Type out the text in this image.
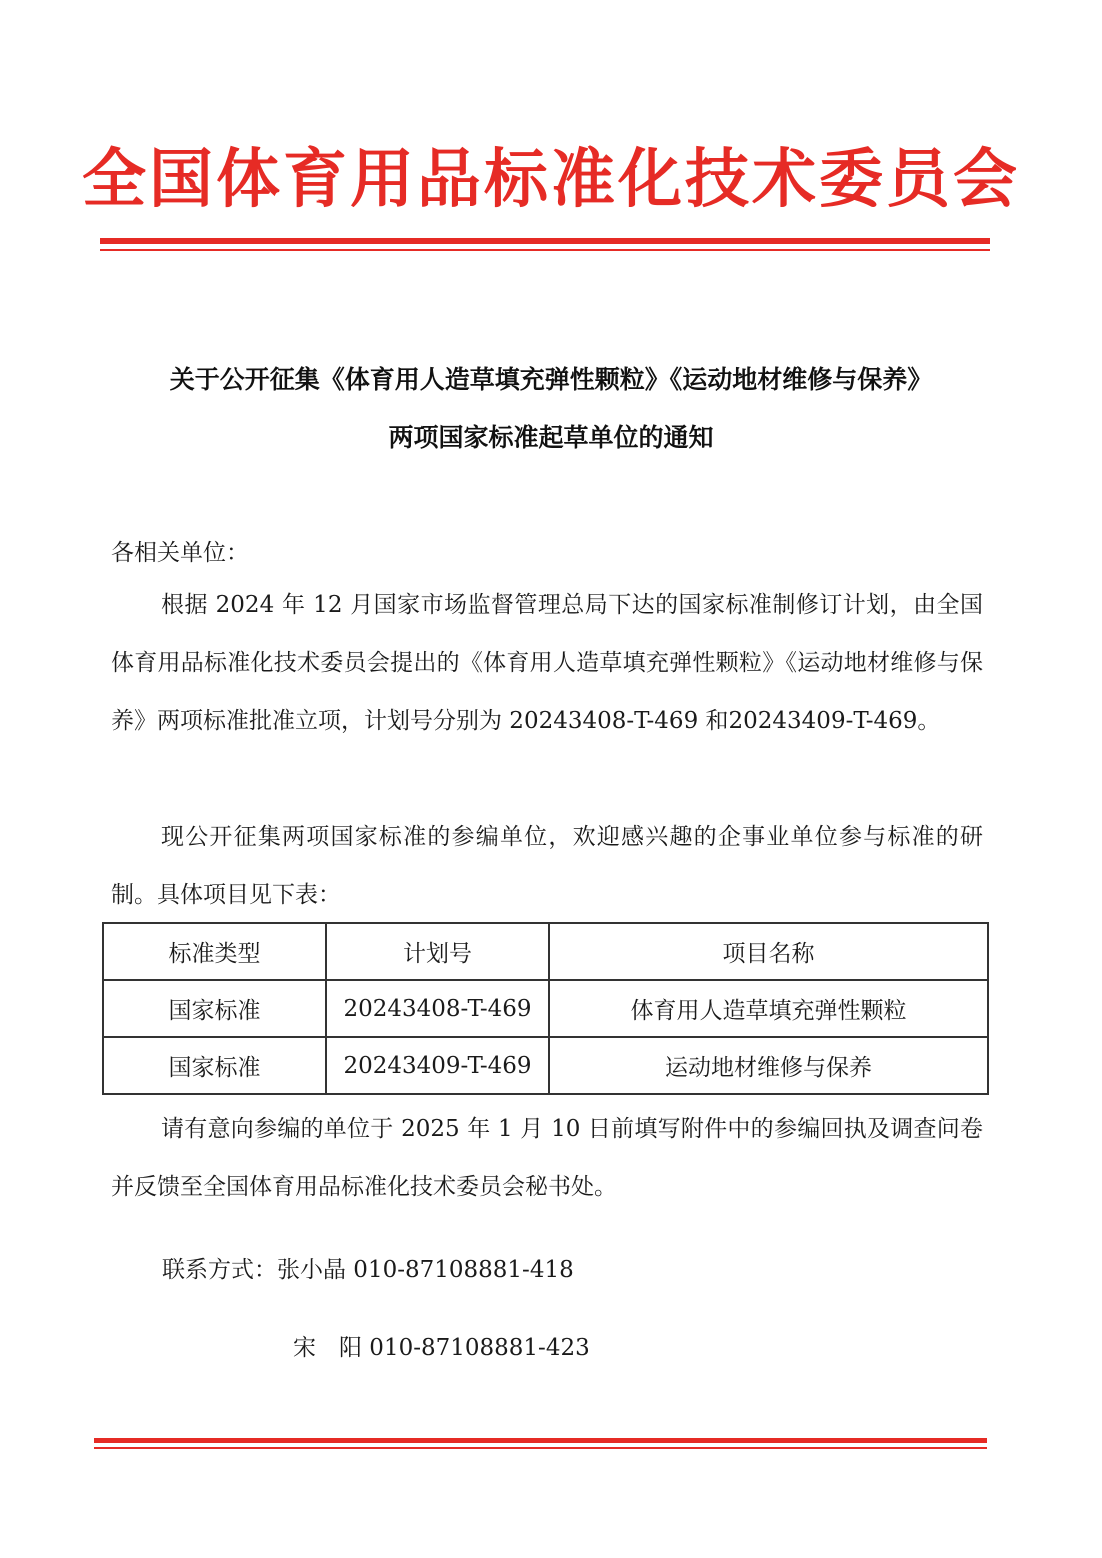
全国体育用品标准化技术委员会
关于公开征集《体育用人造草填充弹性颗粒》《运动地材维修与保养》
两项国家标准起草单位的通知

各相关单位：

根据 2024 年 12 月国家市场监督管理总局下达的国家标准制修订计划，由全国体育用品标准化技术委员会提出的《体育用人造草填充弹性颗粒》《运动地材维修与保养》两项标准批准立项，计划号分别为 20243408-T-469 和20243409-T-469。

现公开征集两项国家标准的参编单位，欢迎感兴趣的企事业单位参与标准的研制。具体项目见下表：

标准类型	计划号	项目名称
国家标准	20243408-T-469	体育用人造草填充弹性颗粒
国家标准	20243409-T-469	运动地材维修与保养

请有意向参编的单位于 2025 年 1 月 10 日前填写附件中的参编回执及调查问卷并反馈至全国体育用品标准化技术委员会秘书处。

联系方式：张小晶 010-87108881-418
宋　阳 010-87108881-423
